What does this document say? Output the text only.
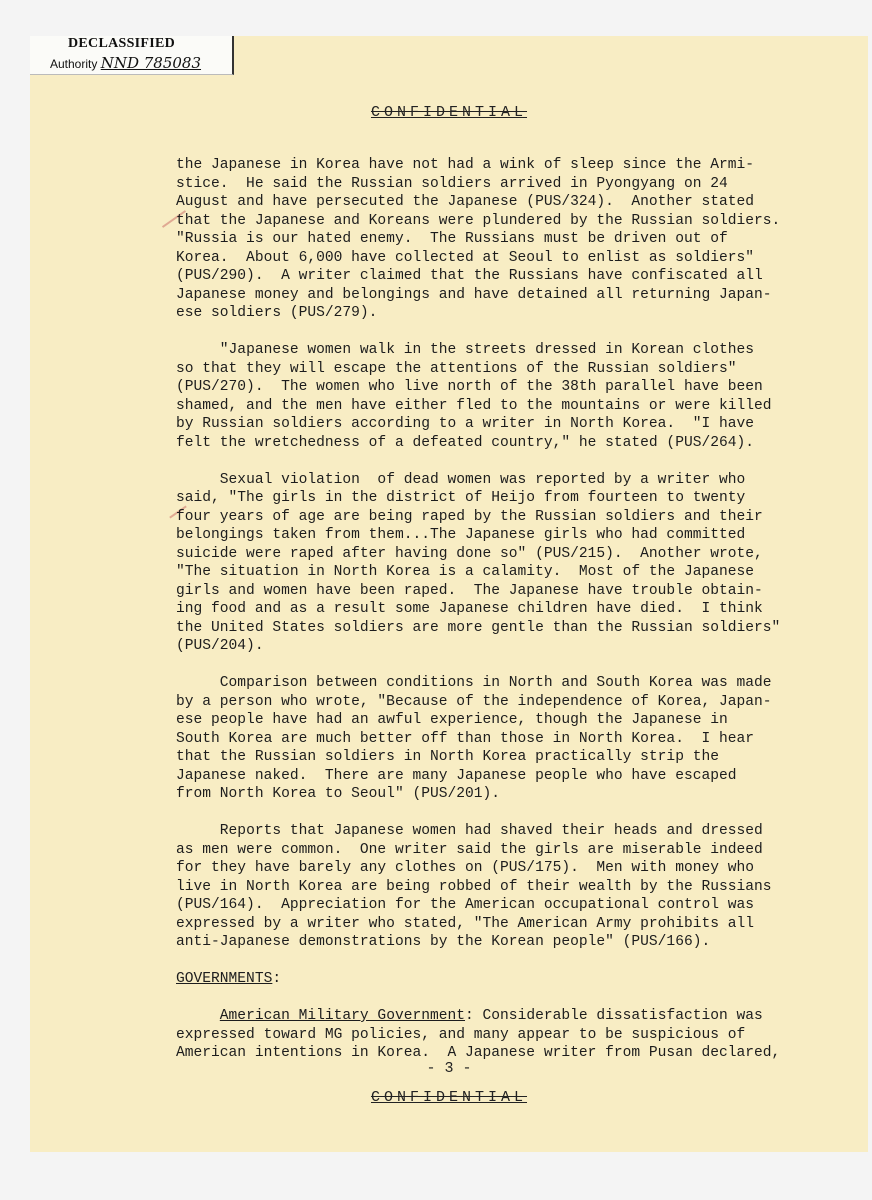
DECLASSIFIED
Authority NND 785083
CONFIDENTIAL

the Japanese in Korea have not had a wink of sleep since the Armi-
stice.  He said the Russian soldiers arrived in Pyongyang on 24
August and have persecuted the Japanese (PUS/324).  Another stated
that the Japanese and Koreans were plundered by the Russian soldiers.
"Russia is our hated enemy.  The Russians must be driven out of
Korea.  About 6,000 have collected at Seoul to enlist as soldiers"
(PUS/290).  A writer claimed that the Russians have confiscated all
Japanese money and belongings and have detained all returning Japan-
ese soldiers (PUS/279).

"Japanese women walk in the streets dressed in Korean clothes
so that they will escape the attentions of the Russian soldiers"
(PUS/270).  The women who live north of the 38th parallel have been
shamed, and the men have either fled to the mountains or were killed
by Russian soldiers according to a writer in North Korea.  "I have
felt the wretchedness of a defeated country," he stated (PUS/264).

Sexual violation  of dead women was reported by a writer who
said, "The girls in the district of Heijo from fourteen to twenty
four years of age are being raped by the Russian soldiers and their
belongings taken from them...The Japanese girls who had committed
suicide were raped after having done so" (PUS/215).  Another wrote,
"The situation in North Korea is a calamity.  Most of the Japanese
girls and women have been raped.  The Japanese have trouble obtain-
ing food and as a result some Japanese children have died.  I think
the United States soldiers are more gentle than the Russian soldiers"
(PUS/204).

Comparison between conditions in North and South Korea was made
by a person who wrote, "Because of the independence of Korea, Japan-
ese people have had an awful experience, though the Japanese in
South Korea are much better off than those in North Korea.  I hear
that the Russian soldiers in North Korea practically strip the
Japanese naked.  There are many Japanese people who have escaped
from North Korea to Seoul" (PUS/201).

Reports that Japanese women had shaved their heads and dressed
as men were common.  One writer said the girls are miserable indeed
for they have barely any clothes on (PUS/175).  Men with money who
live in North Korea are being robbed of their wealth by the Russians
(PUS/164).  Appreciation for the American occupational control was
expressed by a writer who stated, "The American Army prohibits all
anti-Japanese demonstrations by the Korean people" (PUS/166).

GOVERNMENTS:

American Military Government: Considerable dissatisfaction was
expressed toward MG policies, and many appear to be suspicious of
American intentions in Korea.  A Japanese writer from Pusan declared,

- 3 -
CONFIDENTIAL
